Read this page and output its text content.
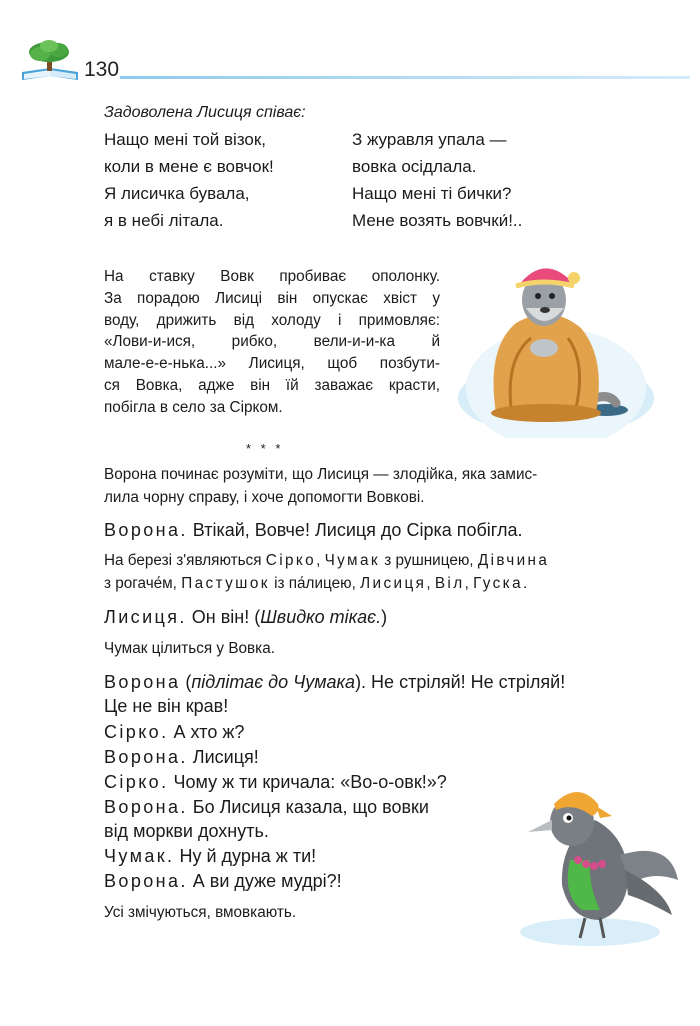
130
Задоволена Лисиця співає:
Нащо мені той візок,
коли в мене є вовчок!
Я лисичка бувала,
я в небі літала.
З журавля упала —
вовка осідлала.
Нащо мені ті бички?
Мене возять вовчки́!..
На ставку Вовк пробиває ополонку.
За порадою Лисиці він опускає хвіст у
воду, дрижить від холоду і примовляє:
«Лови-и-ися, рибко, вели-и-и-ка й
мале-е-е-нька...» Лисиця, щоб позбути-
ся Вовка, адже він їй заважає красти,
побігла в село за Сірком.
* * *
Ворона починає розуміти, що Лисиця — злодійка, яка замис-
лила чорну справу, і хоче допомогти Вовкові.
Ворона. Втікай, Вовче! Лисиця до Сірка побігла.
На березі з'являються Сірко, Чумак з рушницею, Дівчина
з рогаче́м, Пастушок із па́лицею, Лисиця, Віл, Гуска.
Лисиця. Он він! (Швидко тікає.)
Чумак цілиться у Вовка.
Ворона (підлітає до Чумака). Не стріляй! Не стріляй!
Це не він крав!
Сірко. А хто ж?
Ворона. Лисиця!
Сірко. Чому ж ти кричала: «Во-о-овк!»?
Ворона. Бо Лисиця казала, що вовки
від моркви дохнуть.
Чумак. Ну й дурна ж ти!
Ворона. А ви дуже мудрі?!
Усі змічуються, вмовкають.
